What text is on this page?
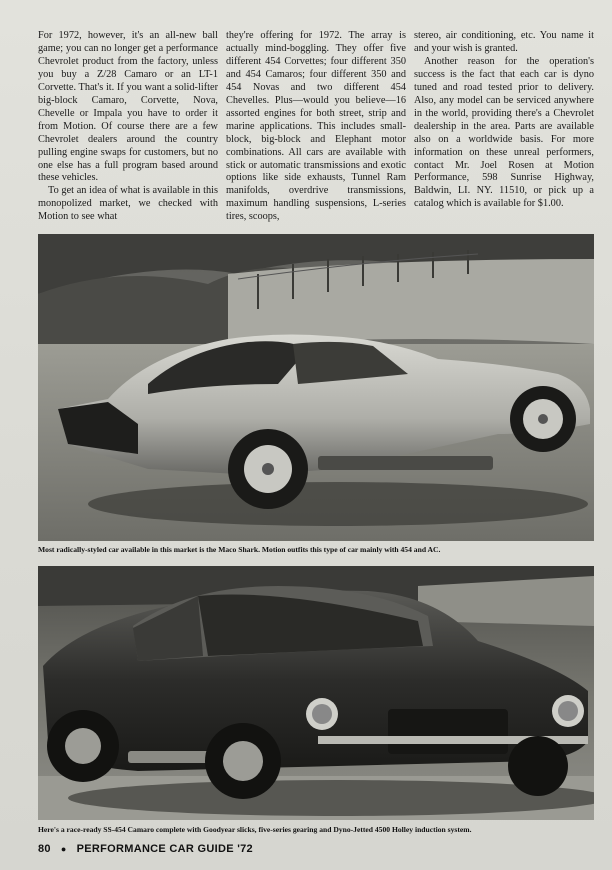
For 1972, however, it's an all-new ball game; you can no longer get a performance Chevrolet product from the factory, unless you buy a Z/28 Camaro or an LT-1 Corvette. That's it. If you want a solid-lifter big-block Camaro, Corvette, Nova, Chevelle or Impala you have to order it from Motion. Of course there are a few Chevrolet dealers around the country pulling engine swaps for customers, but no one else has a full program based around these vehicles.

To get an idea of what is available in this monopolized market, we checked with Motion to see what

they're offering for 1972. The array is actually mind-boggling. They offer five different 454 Corvettes; four different 350 and 454 Camaros; four different 350 and 454 Novas and two different 454 Chevelles. Plus—would you believe—16 assorted engines for both street, strip and marine applications. This includes small-block, big-block and Elephant motor combinations. All cars are available with stick or automatic transmissions and exotic options like side exhausts, Tunnel Ram manifolds, overdrive transmissions, maximum handling suspensions, L-series tires, scoops,

stereo, air conditioning, etc. You name it and your wish is granted.

Another reason for the operation's success is the fact that each car is dyno tuned and road tested prior to delivery. Also, any model can be serviced anywhere in the world, providing there's a Chevrolet dealership in the area. Parts are available also on a worldwide basis. For more information on these unreal performers, contact Mr. Joel Rosen at Motion Performance, 598 Sunrise Highway, Baldwin, LI. NY. 11510, or pick up a catalog which is available for $1.00.

Most radically-styled car available in this market is the Maco Shark. Motion outfits this type of car mainly with 454 and AC.
Here's a race-ready SS-454 Camaro complete with Goodyear slicks, five-series gearing and Dyno-Jetted 4500 Holley induction system.
80 ● PERFORMANCE CAR GUIDE '72
